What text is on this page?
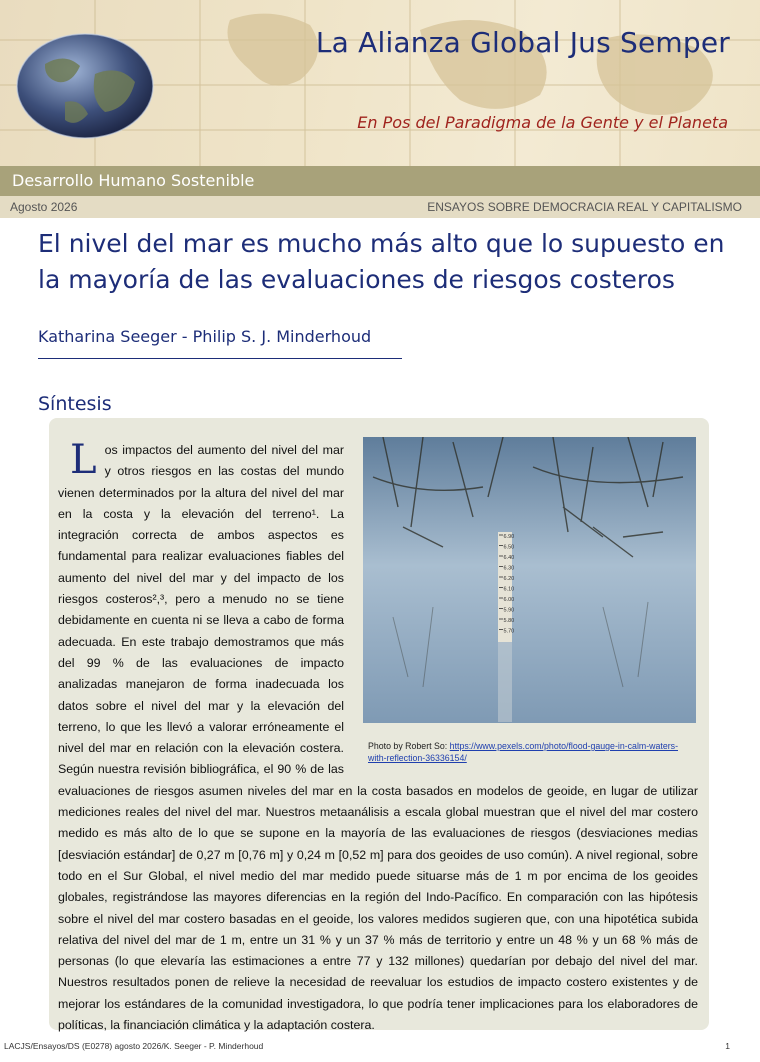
La Alianza Global Jus Semper
En Pos del Paradigma de la Gente y el Planeta
Desarrollo Humano Sostenible
Agosto 2026	ENSAYOS SOBRE DEMOCRACIA REAL Y CAPITALISMO
El nivel del mar es mucho más alto que lo supuesto en la mayoría de las evaluaciones de riesgos costeros
Katharina Seeger - Philip S. J. Minderhoud
Síntesis

Los impactos del aumento del nivel del mar y otros riesgos en las costas del mundo vienen determinados por la altura del nivel del mar en la costa y la elevación del terreno¹. La integración correcta de ambos aspectos es fundamental para realizar evaluaciones fiables del aumento del nivel del mar y del impacto de los riesgos costeros²,³, pero a menudo no se tiene debidamente en cuenta ni se lleva a cabo de forma adecuada. En este trabajo demostramos que más del 99 % de las evaluaciones de impacto analizadas manejaron de forma inadecuada los datos sobre el nivel del mar y la elevación del terreno, lo que les llevó a valorar erróneamente el nivel del mar en relación con la elevación costera. Según nuestra revisión bibliográfica, el 90 % de las evaluaciones de riesgos asumen niveles del mar en la costa basados en modelos de geoide, en lugar de utilizar mediciones reales del nivel del mar. Nuestros metaanálisis a escala global muestran que el nivel del mar costero medido es más alto de lo que se supone en la mayoría de las evaluaciones de riesgos (desviaciones medias [desviación estándar] de 0,27 m [0,76 m] y 0,24 m [0,52 m] para dos geoides de uso común). A nivel regional, sobre todo en el Sur Global, el nivel medio del mar medido puede situarse más de 1 m por encima de los geoides globales, registrándose las mayores diferencias en la región del Indo-Pacífico. En comparación con las hipótesis sobre el nivel del mar costero basadas en el geoide, los valores medidos sugieren que, con una hipotética subida relativa del nivel del mar de 1 m, entre un 31 % y un 37 % más de territorio y entre un 48 % y un 68 % más de personas (lo que elevaría las estimaciones a entre 77 y 132 millones) quedarían por debajo del nivel del mar. Nuestros resultados ponen de relieve la necesidad de reevaluar los estudios de impacto costero existentes y de mejorar los estándares de la comunidad investigadora, lo que podría tener implicaciones para los elaboradores de políticas, la financiación climática y la adaptación costera.

6.90
6.50
6.40
6.30
6.20
6.10
6.00
5.90
5.80
5.70
Photo by Robert So: https://www.pexels.com/photo/flood-gauge-in-calm-waters-with-reflection-36336154/
LACJS/Ensayos/DS (E0278) agosto 2026/K. Seeger - P. Minderhoud	1
